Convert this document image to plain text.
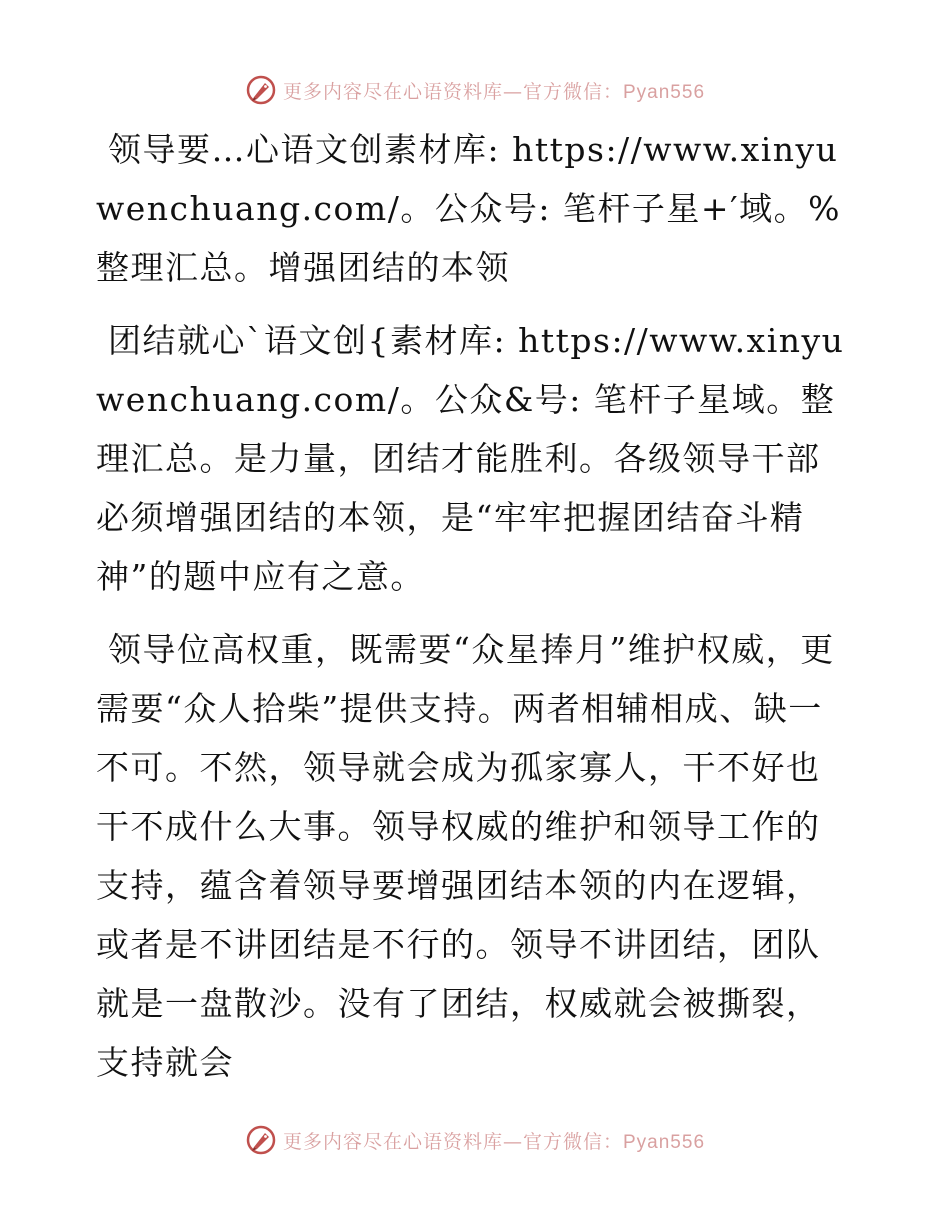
更多内容尽在心语资料库—官方微信：Pyan556

领导要…心语文创素材库: https://www.xinyuwenchuang.com/。公众号: 笔杆子星+′域。%整理汇总。增强团结的本领

团结就心`语文创{素材库: https://www.xinyuwenchuang.com/。公众&号: 笔杆子星域。整理汇总。是力量，团结才能胜利。各级领导干部必须增强团结的本领，是“牢牢把握团结奋斗精神”的题中应有之意。

领导位高权重，既需要“众星捧月”维护权威，更需要“众人拾柴”提供支持。两者相辅相成、缺一不可。不然，领导就会成为孤家寡人，干不好也干不成什么大事。领导权威的维护和领导工作的支持，蕴含着领导要增强团结本领的内在逻辑，或者是不讲团结是不行的。领导不讲团结，团队就是一盘散沙。没有了团结，权威就会被撕裂，支持就会

更多内容尽在心语资料库—官方微信：Pyan556
